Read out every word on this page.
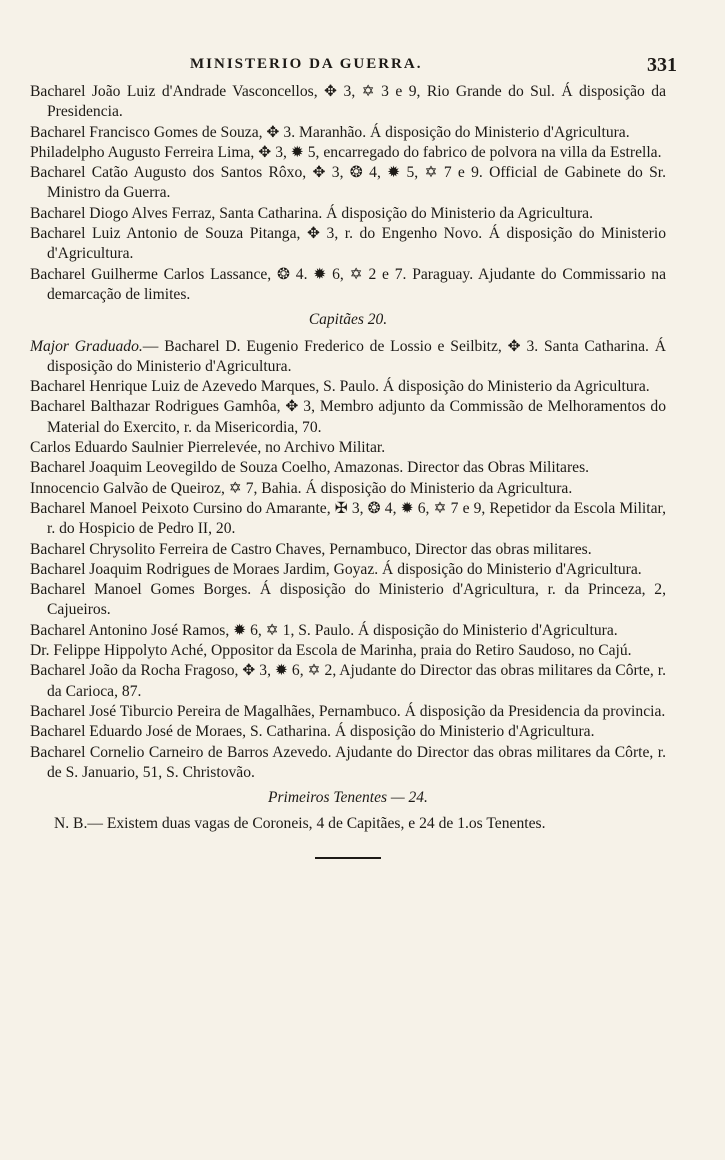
MINISTERIO DA GUERRA.	331

Bacharel João Luiz d'Andrade Vasconcellos, ✥ 3, ✡ 3 e 9, Rio Grande do Sul. Á disposição da Presidencia.

Bacharel Francisco Gomes de Souza, ✥ 3. Maranhão. Á disposição do Ministerio d'Agricultura.

Philadelpho Augusto Ferreira Lima, ✥ 3, ✹ 5, encarregado do fabrico de polvora na villa da Estrella.

Bacharel Catão Augusto dos Santos Rôxo, ✥ 3, ❂ 4, ✹ 5, ✡ 7 e 9. Official de Gabinete do Sr. Ministro da Guerra.

Bacharel Diogo Alves Ferraz, Santa Catharina. Á disposição do Ministerio da Agricultura.

Bacharel Luiz Antonio de Souza Pitanga, ✥ 3, r. do Engenho Novo. Á disposição do Ministerio d'Agricultura.

Bacharel Guilherme Carlos Lassance, ❂ 4. ✹ 6, ✡ 2 e 7. Paraguay. Ajudante do Commissario na demarcação de limites.

Capitães 20.

Major Graduado.— Bacharel D. Eugenio Frederico de Lossio e Seilbitz, ✥ 3. Santa Catharina. Á disposição do Ministerio d'Agricultura.

Bacharel Henrique Luiz de Azevedo Marques, S. Paulo. Á disposição do Ministerio da Agricultura.

Bacharel Balthazar Rodrigues Gamhôa, ✥ 3, Membro adjunto da Commissão de Melhoramentos do Material do Exercito, r. da Misericordia, 70.

Carlos Eduardo Saulnier Pierrelevée, no Archivo Militar.

Bacharel Joaquim Leovegildo de Souza Coelho, Amazonas. Director das Obras Militares.

Innocencio Galvão de Queiroz, ✡ 7, Bahia. Á disposição do Ministerio da Agricultura.

Bacharel Manoel Peixoto Cursino do Amarante, ✠ 3, ❂ 4, ✹ 6, ✡ 7 e 9, Repetidor da Escola Militar, r. do Hospicio de Pedro II, 20.

Bacharel Chrysolito Ferreira de Castro Chaves, Pernambuco, Director das obras militares.

Bacharel Joaquim Rodrigues de Moraes Jardim, Goyaz. Á disposição do Ministerio d'Agricultura.

Bacharel Manoel Gomes Borges. Á disposição do Ministerio d'Agricultura, r. da Princeza, 2, Cajueiros.

Bacharel Antonino José Ramos, ✹ 6, ✡ 1, S. Paulo. Á disposição do Ministerio d'Agricultura.

Dr. Felippe Hippolyto Aché, Oppositor da Escola de Marinha, praia do Retiro Saudoso, no Cajú.

Bacharel João da Rocha Fragoso, ✥ 3, ✹ 6, ✡ 2, Ajudante do Director das obras militares da Côrte, r. da Carioca, 87.

Bacharel José Tiburcio Pereira de Magalhães, Pernambuco. Á disposição da Presidencia da provincia.

Bacharel Eduardo José de Moraes, S. Catharina. Á disposição do Ministerio d'Agricultura.

Bacharel Cornelio Carneiro de Barros Azevedo. Ajudante do Director das obras militares da Côrte, r. de S. Januario, 51, S. Christovão.

Primeiros Tenentes — 24.

N. B.— Existem duas vagas de Coroneis, 4 de Capitães, e 24 de 1.os Tenentes.
